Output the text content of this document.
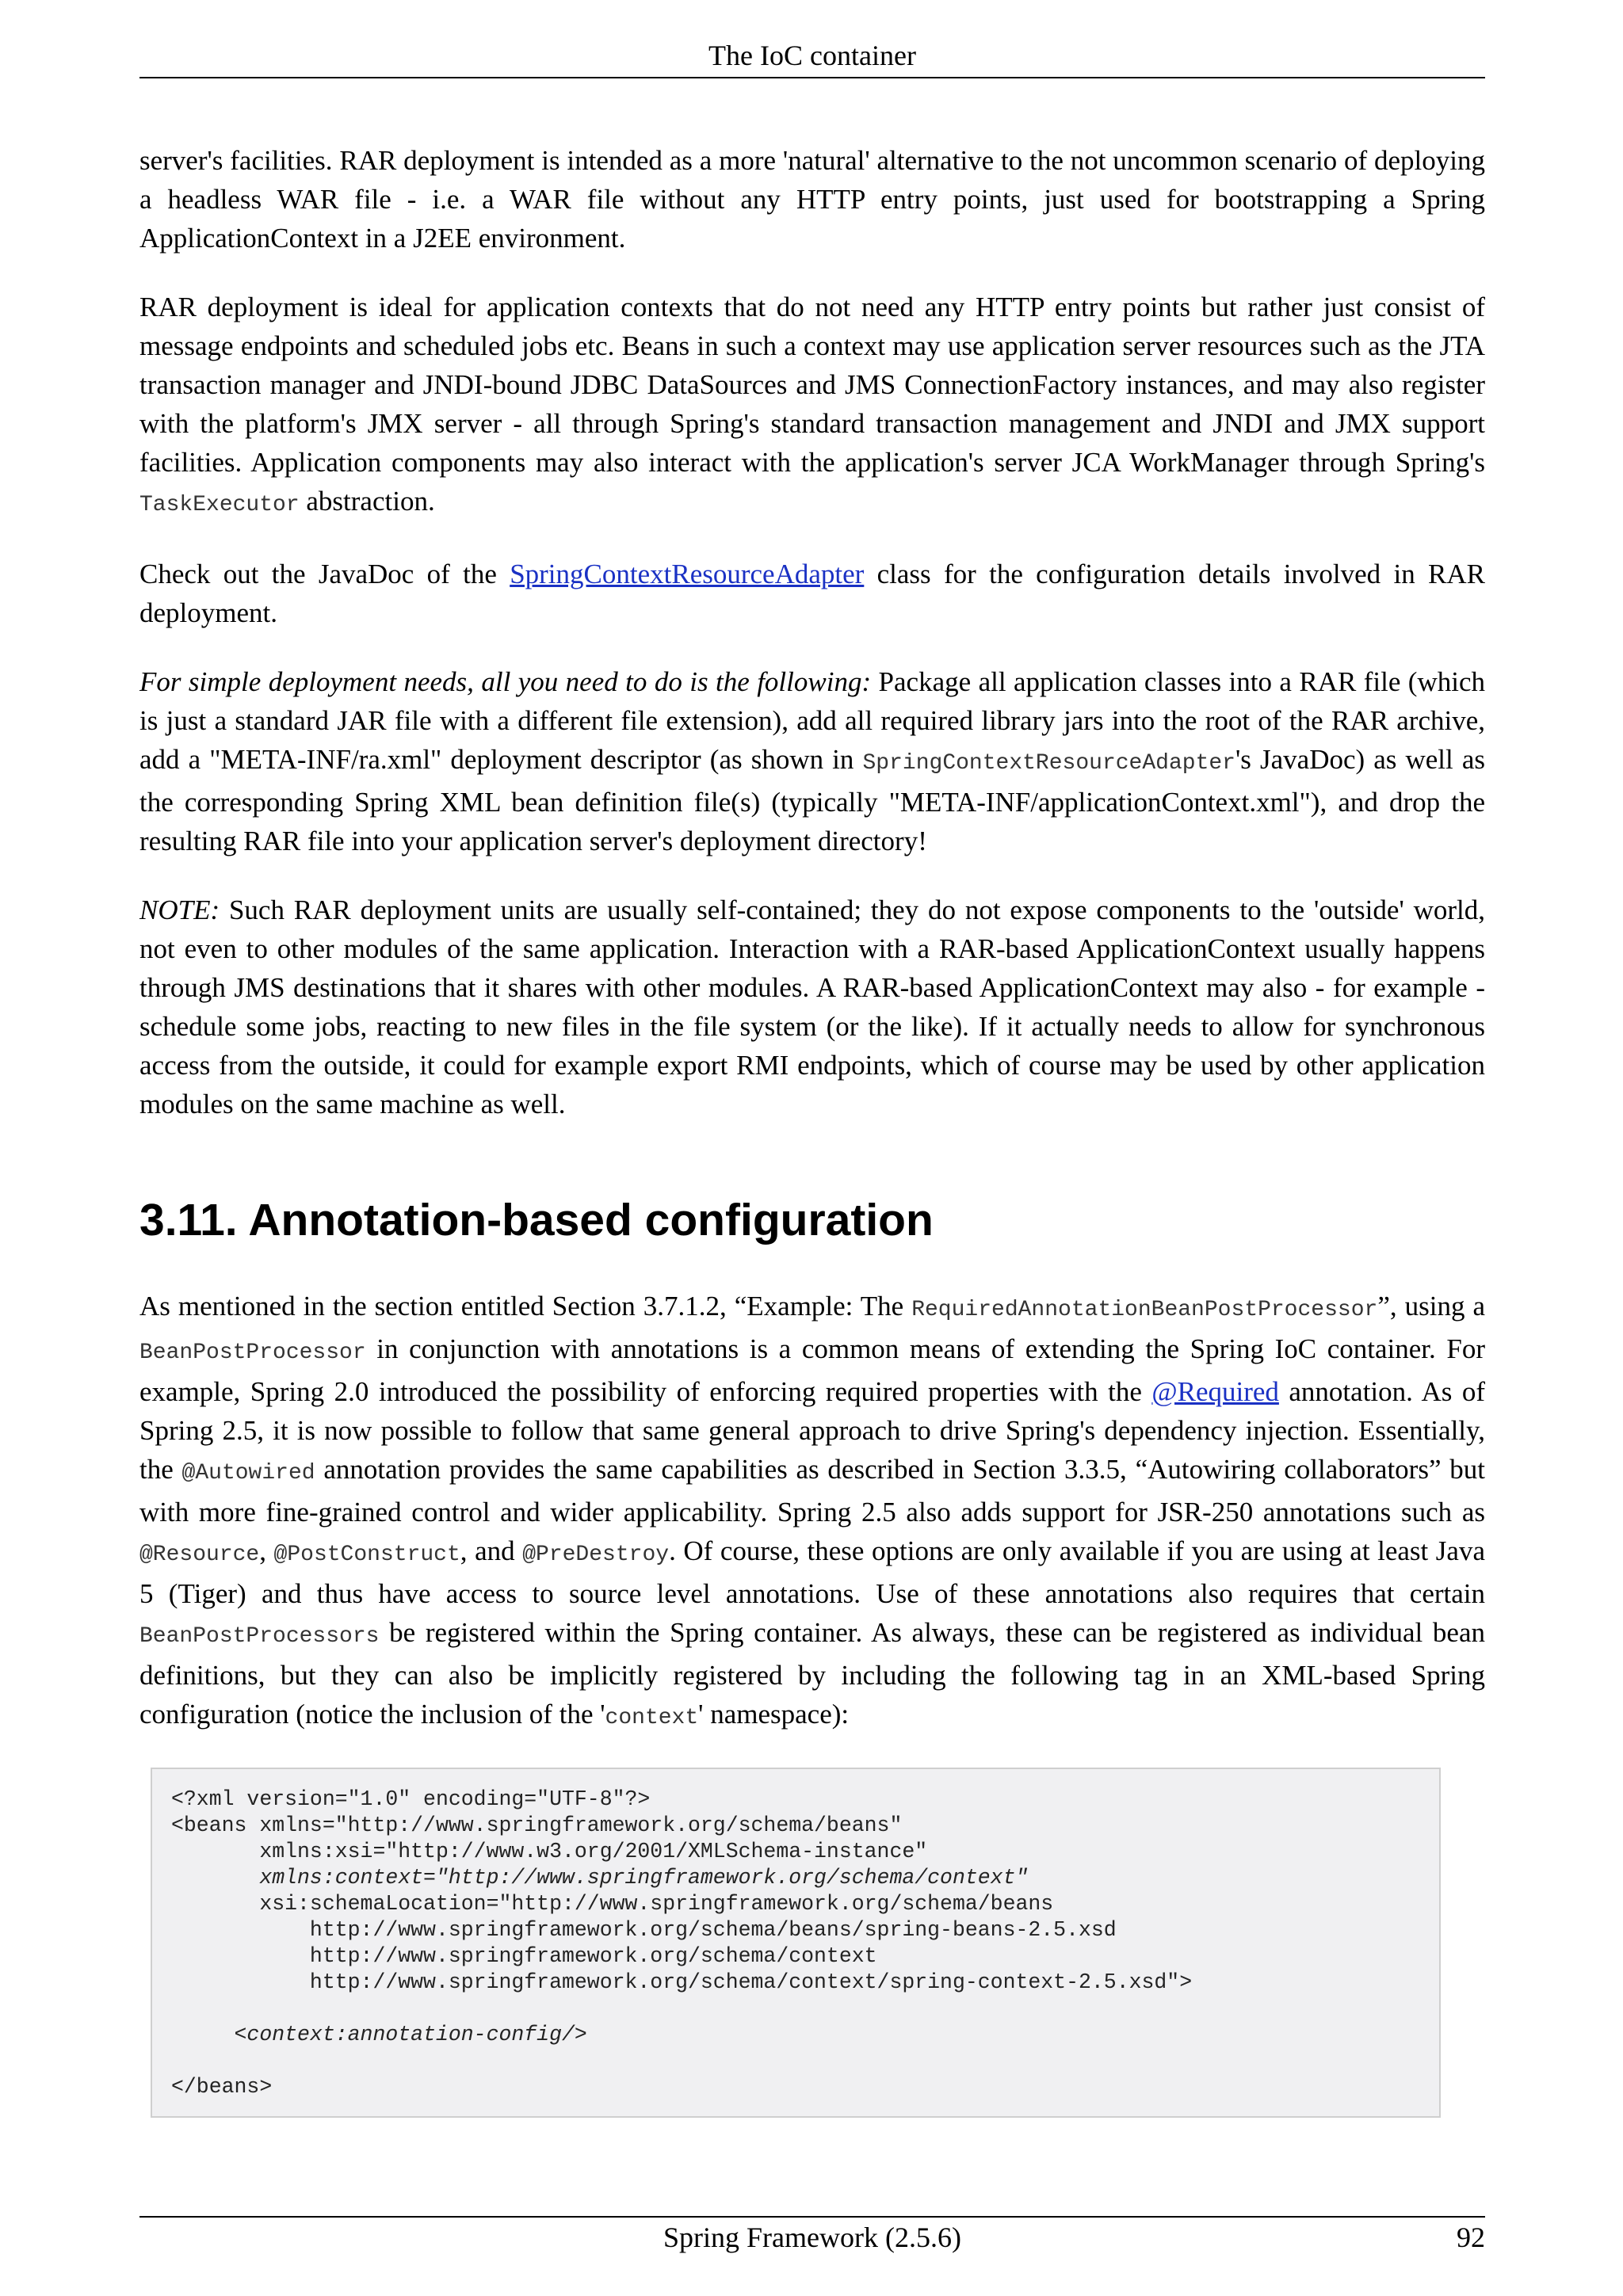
The IoC container

server's facilities. RAR deployment is intended as a more 'natural' alternative to the not uncommon scenario of deploying a headless WAR file - i.e. a WAR file without any HTTP entry points, just used for bootstrapping a Spring ApplicationContext in a J2EE environment.

RAR deployment is ideal for application contexts that do not need any HTTP entry points but rather just consist of message endpoints and scheduled jobs etc. Beans in such a context may use application server resources such as the JTA transaction manager and JNDI-bound JDBC DataSources and JMS ConnectionFactory instances, and may also register with the platform's JMX server - all through Spring's standard transaction management and JNDI and JMX support facilities. Application components may also interact with the application's server JCA WorkManager through Spring's TaskExecutor abstraction.

Check out the JavaDoc of the SpringContextResourceAdapter class for the configuration details involved in RAR deployment.

For simple deployment needs, all you need to do is the following: Package all application classes into a RAR file (which is just a standard JAR file with a different file extension), add all required library jars into the root of the RAR archive, add a "META-INF/ra.xml" deployment descriptor (as shown in SpringContextResourceAdapter's JavaDoc) as well as the corresponding Spring XML bean definition file(s) (typically "META-INF/applicationContext.xml"), and drop the resulting RAR file into your application server's deployment directory!

NOTE: Such RAR deployment units are usually self-contained; they do not expose components to the 'outside' world, not even to other modules of the same application. Interaction with a RAR-based ApplicationContext usually happens through JMS destinations that it shares with other modules. A RAR-based ApplicationContext may also - for example - schedule some jobs, reacting to new files in the file system (or the like). If it actually needs to allow for synchronous access from the outside, it could for example export RMI endpoints, which of course may be used by other application modules on the same machine as well.

3.11. Annotation-based configuration

As mentioned in the section entitled Section 3.7.1.2, “Example: The RequiredAnnotationBeanPostProcessor”, using a BeanPostProcessor in conjunction with annotations is a common means of extending the Spring IoC container. For example, Spring 2.0 introduced the possibility of enforcing required properties with the @Required annotation. As of Spring 2.5, it is now possible to follow that same general approach to drive Spring's dependency injection. Essentially, the @Autowired annotation provides the same capabilities as described in Section 3.3.5, “Autowiring collaborators” but with more fine-grained control and wider applicability. Spring 2.5 also adds support for JSR-250 annotations such as @Resource, @PostConstruct, and @PreDestroy. Of course, these options are only available if you are using at least Java 5 (Tiger) and thus have access to source level annotations. Use of these annotations also requires that certain BeanPostProcessors be registered within the Spring container. As always, these can be registered as individual bean definitions, but they can also be implicitly registered by including the following tag in an XML-based Spring configuration (notice the inclusion of the 'context' namespace):

<?xml version="1.0" encoding="UTF-8"?>
<beans xmlns="http://www.springframework.org/schema/beans"
xmlns:xsi="http://www.w3.org/2001/XMLSchema-instance"
xmlns:context="http://www.springframework.org/schema/context"
xsi:schemaLocation="http://www.springframework.org/schema/beans
http://www.springframework.org/schema/beans/spring-beans-2.5.xsd
http://www.springframework.org/schema/context
http://www.springframework.org/schema/context/spring-context-2.5.xsd">

<context:annotation-config/>

</beans>
Spring Framework (2.5.6)	92
